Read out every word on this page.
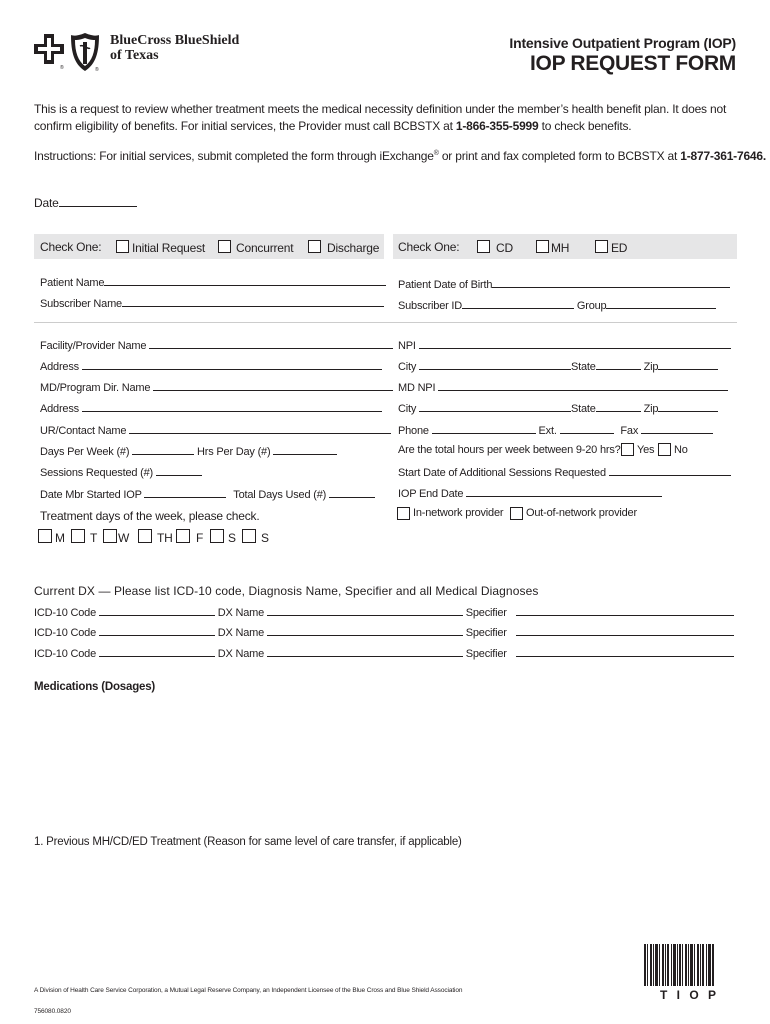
®	®
BlueCross BlueShield
of Texas
Intensive Outpatient Program (IOP)
IOP REQUEST FORM
This is a request to review whether treatment meets the medical necessity definition under the member’s health benefit plan. It does not confirm eligibility of benefits. For initial services, the Provider must call BCBSTX at 1-866-355-5999 to check benefits.
Instructions: For initial services, submit completed the form through iExchange® or print and fax completed form to BCBSTX at 1-877-361-7646.
Date
Check One:	Initial Request	Concurrent	Discharge Check One:	CD	MH	ED
Patient Name
Subscriber Name
Patient Date of Birth
Subscriber ID	Group
Facility/Provider Name
Address
MD/Program Dir. Name
Address
UR/Contact Name
Days Per Week (#)	Hrs Per Day (#)
Sessions Requested (#)
Date Mbr Started IOP	Total Days Used (#)
Treatment days of the week, please check.
M T W TH F S S
NPI
City	State	Zip
MD NPI
City	State	Zip
Phone	Ext.	Fax
Are the total hours per week between 9-20 hrs? Yes No
Start Date of Additional Sessions Requested
IOP End Date
In-network provider Out-of-network provider
Current DX — Please list ICD-10 code, Diagnosis Name, Specifier and all Medical Diagnoses
ICD-10 Code	DX Name	Specifier
ICD-10 Code	DX Name	Specifier
ICD-10 Code	DX Name	Specifier
Medications (Dosages)
1. Previous MH/CD/ED Treatment (Reason for same level of care transfer, if applicable)
A Division of Health Care Service Corporation, a Mutual Legal Reserve Company, an Independent Licensee of the Blue Cross and Blue Shield Association
756080.0820
T I O P
